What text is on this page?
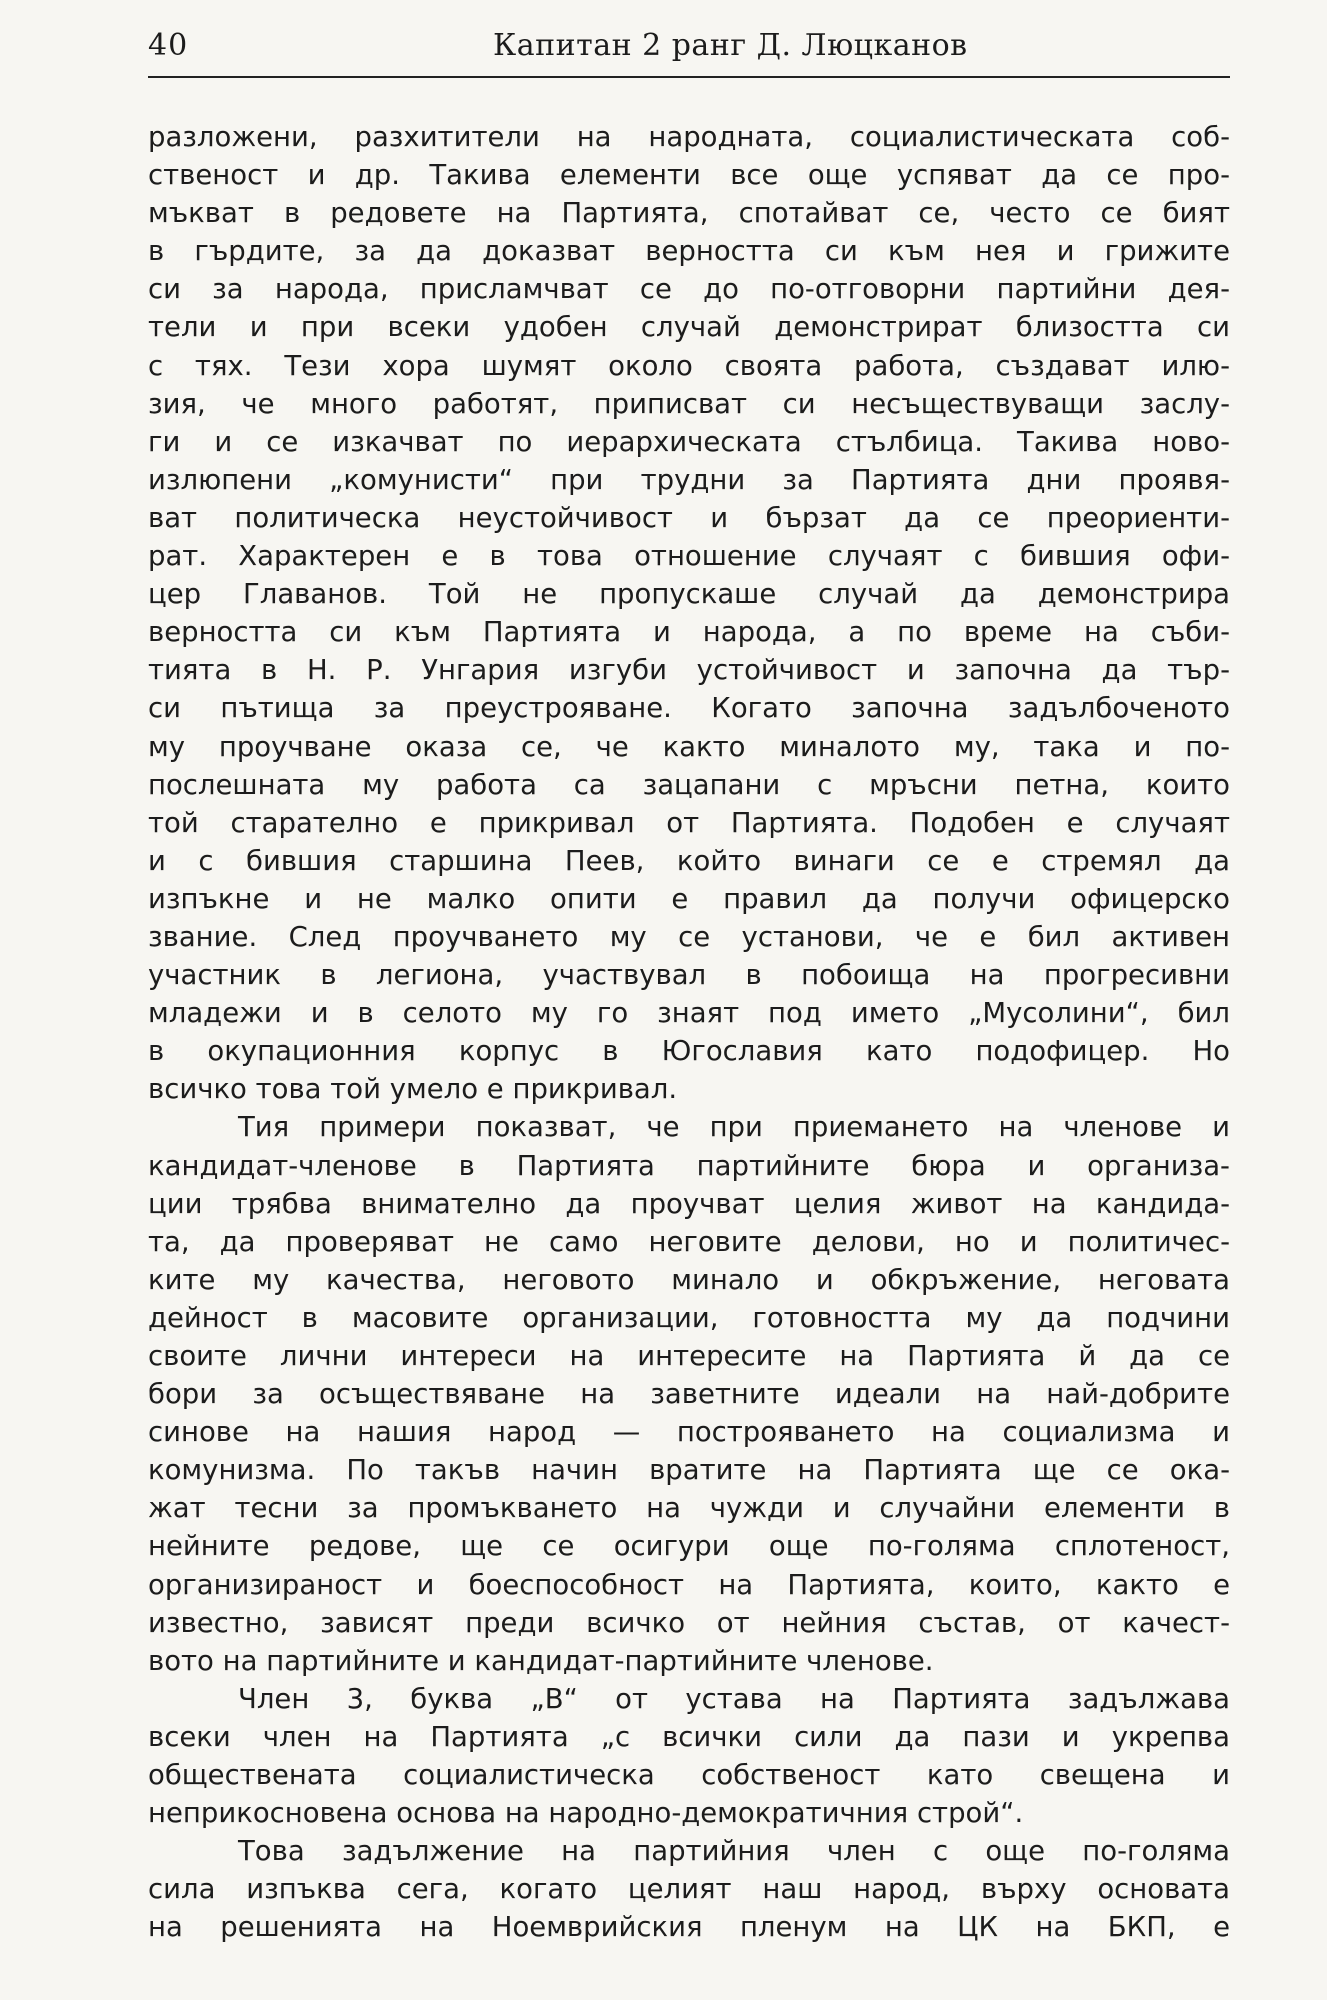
40	Капитан 2 ранг Д. Люцканов
разложени, разхитители на народната, социалистическата соб-
ственост и др. Такива елементи все още успяват да се про-
мъкват в редовете на Партията, спотайват се, често се бият
в гърдите, за да доказват верността си към нея и грижите
си за народа, присламчват се до по-отговорни партийни дея-
тели и при всеки удобен случай демонстрират близостта си
с тях. Тези хора шумят около своята работа, създават илю-
зия, че много работят, приписват си несъществуващи заслу-
ги и се изкачват по иерархическата стълбица. Такива ново-
излюпени „комунисти“ при трудни за Партията дни проявя-
ват политическа неустойчивост и бързат да се преориенти-
рат. Характерен е в това отношение случаят с бившия офи-
цер Главанов. Той не пропускаше случай да демонстрира
верността си към Партията и народа, а по време на съби-
тията в Н. Р. Унгария изгуби устойчивост и започна да тър-
си пътища за преустрояване. Когато започна задълбоченото
му проучване оказа се, че както миналото му, така и по-
послешната му работа са зацапани с мръсни петна, които
той старателно е прикривал от Партията. Подобен е случаят
и с бившия старшина Пеев, който винаги се е стремял да
изпъкне и не малко опити е правил да получи офицерско
звание. След проучването му се установи, че е бил активен
участник в легиона, участвувал в побоища на прогресивни
младежи и в селото му го знаят под името „Мусолини“, бил
в окупационния корпус в Югославия като подофицер. Но
всичко това той умело е прикривал.
Тия примери показват, че при приемането на членове и
кандидат-членове в Партията партийните бюра и организа-
ции трябва внимателно да проучват целия живот на кандида-
та, да проверяват не само неговите делови, но и политичес-
ките му качества, неговото минало и обкръжение, неговата
дейност в масовите организации, готовността му да подчини
своите лични интереси на интересите на Партията й да се
бори за осъществяване на заветните идеали на най-добрите
синове на нашия народ — построяването на социализма и
комунизма. По такъв начин вратите на Партията ще се ока-
жат тесни за промъкването на чужди и случайни елементи в
нейните редове, ще се осигури още по-голяма сплотеност,
организираност и боеспособност на Партията, които, както е
известно, зависят преди всичко от нейния състав, от качест-
вото на партийните и кандидат-партийните членове.
Член 3, буква „В“ от устава на Партията задължава
всеки член на Партията „с всички сили да пази и укрепва
обществената социалистическа собственост като свещена и
неприкосновена основа на народно-демократичния строй“.
Това задължение на партийния член с още по-голяма
сила изпъква сега, когато целият наш народ, върху основата
на решенията на Ноемврийския пленум на ЦК на БКП, е
